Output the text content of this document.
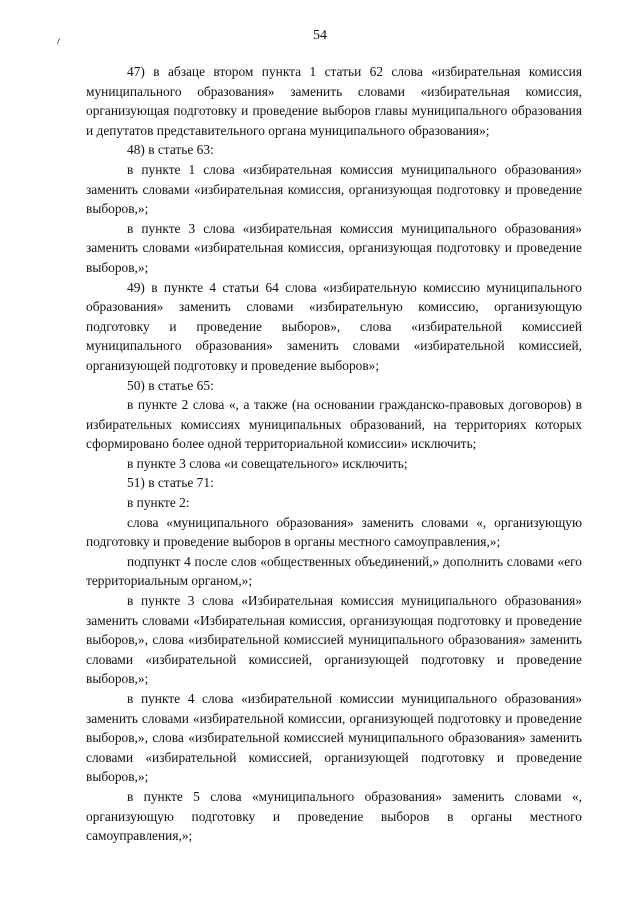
54

47) в абзаце втором пункта 1 статьи 62 слова «избирательная комиссия муниципального образования» заменить словами «избирательная комиссия, организующая подготовку и проведение выборов главы муниципального образования и депутатов представительного органа муниципального образования»;

48) в статье 63:

в пункте 1 слова «избирательная комиссия муниципального образования» заменить словами «избирательная комиссия, организующая подготовку и проведение выборов,»;

в пункте 3 слова «избирательная комиссия муниципального образования» заменить словами «избирательная комиссия, организующая подготовку и проведение выборов,»;

49) в пункте 4 статьи 64 слова «избирательную комиссию муниципального образования» заменить словами «избирательную комиссию, организующую подготовку и проведение выборов», слова «избирательной комиссией муниципального образования» заменить словами «избирательной комиссией, организующей подготовку и проведение выборов»;

50) в статье 65:

в пункте 2 слова «, а также (на основании гражданско-правовых договоров) в избирательных комиссиях муниципальных образований, на территориях которых сформировано более одной территориальной комиссии» исключить;

в пункте 3 слова «и совещательного» исключить;

51) в статье 71:

в пункте 2:

слова «муниципального образования» заменить словами «, организующую подготовку и проведение выборов в органы местного самоуправления,»;

подпункт 4 после слов «общественных объединений,» дополнить словами «его территориальным органом,»;

в пункте 3 слова «Избирательная комиссия муниципального образования» заменить словами «Избирательная комиссия, организующая подготовку и проведение выборов,», слова «избирательной комиссией муниципального образования» заменить словами «избирательной комиссией, организующей подготовку и проведение выборов,»;

в пункте 4 слова «избирательной комиссии муниципального образования» заменить словами «избирательной комиссии, организующей подготовку и проведение выборов,», слова «избирательной комиссией муниципального образования» заменить словами «избирательной комиссией, организующей подготовку и проведение выборов,»;

в пункте 5 слова «муниципального образования» заменить словами «, организующую подготовку и проведение выборов в органы местного самоуправления,»;
